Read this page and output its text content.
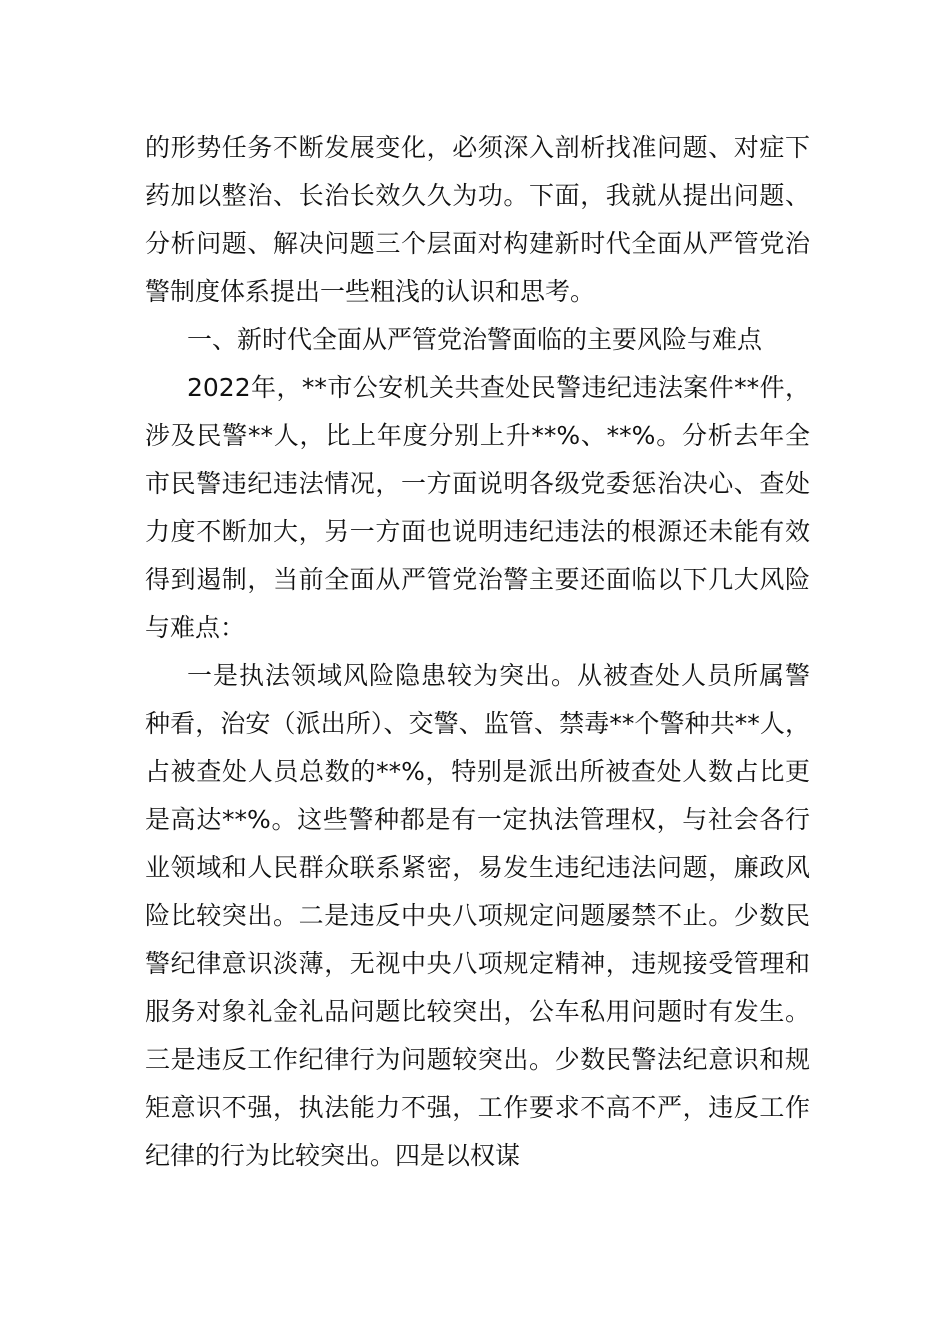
的形势任务不断发展变化，必须深入剖析找准问题、对症下药加以整治、长治长效久久为功。下面，我就从提出问题、分析问题、解决问题三个层面对构建新时代全面从严管党治警制度体系提出一些粗浅的认识和思考。

一、新时代全面从严管党治警面临的主要风险与难点

2022年，**市公安机关共查处民警违纪违法案件**件，涉及民警**人，比上年度分别上升**%、**%。分析去年全市民警违纪违法情况，一方面说明各级党委惩治决心、查处力度不断加大，另一方面也说明违纪违法的根源还未能有效得到遏制，当前全面从严管党治警主要还面临以下几大风险与难点：

一是执法领域风险隐患较为突出。从被查处人员所属警种看，治安（派出所）、交警、监管、禁毒**个警种共**人，占被查处人员总数的**%，特别是派出所被查处人数占比更是高达**%。这些警种都是有一定执法管理权，与社会各行业领域和人民群众联系紧密，易发生违纪违法问题，廉政风险比较突出。二是违反中央八项规定问题屡禁不止。少数民警纪律意识淡薄，无视中央八项规定精神，违规接受管理和服务对象礼金礼品问题比较突出，公车私用问题时有发生。三是违反工作纪律行为问题较突出。少数民警法纪意识和规矩意识不强，执法能力不强，工作要求不高不严，违反工作纪律的行为比较突出。四是以权谋
